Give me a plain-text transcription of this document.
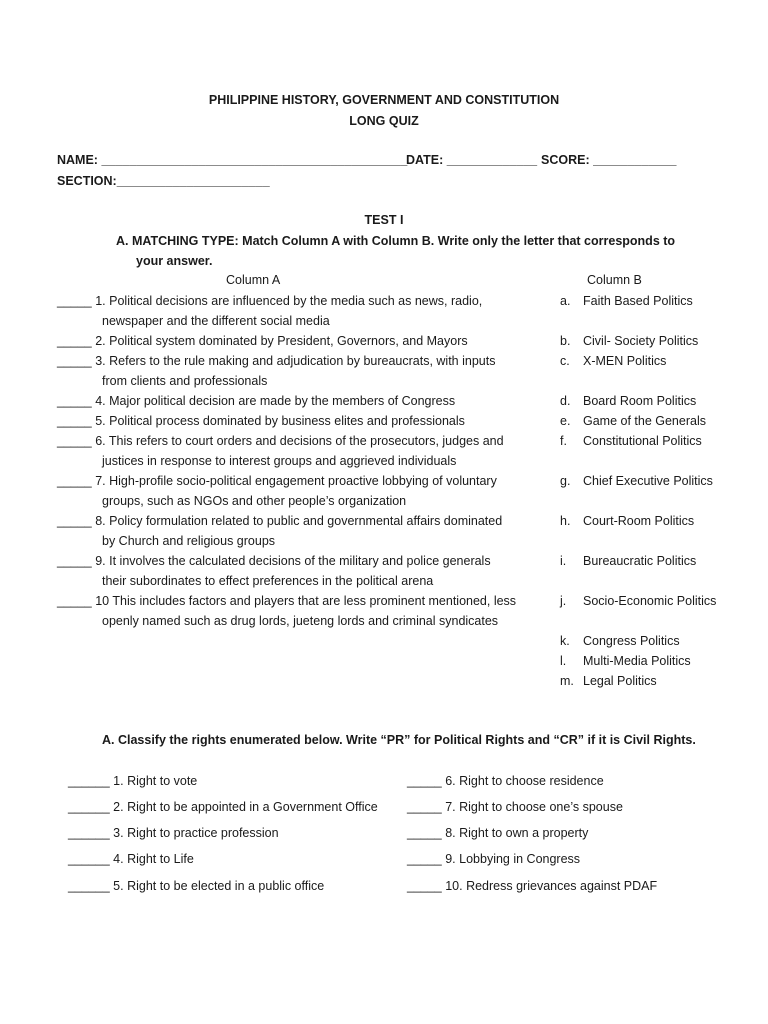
PHILIPPINE HISTORY, GOVERNMENT AND CONSTITUTION
LONG QUIZ
NAME: ____________________________________________
DATE: _____________ SCORE: ____________
SECTION:______________________
TEST I
A. MATCHING TYPE: Match Column A with Column B. Write only the letter that corresponds to
your answer.
Column A	Column B
_____ 1. Political decisions are influenced by the media such as news, radio,
newspaper and the different social media
_____ 2. Political system dominated by President, Governors, and Mayors
_____ 3. Refers to the rule making and adjudication by bureaucrats, with inputs
from clients and professionals
_____ 4. Major political decision are made by the members of Congress
_____ 5. Political process dominated by business elites and professionals
_____ 6. This refers to court orders and decisions of the prosecutors, judges and
justices in response to interest groups and aggrieved individuals
_____ 7. High-profile socio-political engagement proactive lobbying of voluntary
groups, such as NGOs and other people’s organization
_____ 8. Policy formulation related to public and governmental affairs dominated
by Church and religious groups
_____ 9. It involves the calculated decisions of the military and police generals
their subordinates to effect preferences in the political arena
_____ 10 This includes factors and players that are less prominent mentioned, less
openly named such as drug lords, jueteng lords and criminal syndicates
a. Faith Based Politics
b. Civil- Society Politics
c. X-MEN Politics
d. Board Room Politics
e. Game of the Generals
f. Constitutional Politics
g. Chief Executive Politics
h. Court-Room Politics
i. Bureaucratic Politics
j. Socio-Economic Politics
k. Congress Politics
l. Multi-Media Politics
m. Legal Politics
A. Classify the rights enumerated below. Write “PR” for Political Rights and “CR” if it is Civil Rights.
______ 1. Right to vote
______ 2. Right to be appointed in a Government Office
______ 3. Right to practice profession
______ 4. Right to Life
______ 5. Right to be elected in a public office
_____ 6. Right to choose residence
_____ 7. Right to choose one’s spouse
_____ 8. Right to own a property
_____ 9. Lobbying in Congress
_____ 10. Redress grievances against PDAF
